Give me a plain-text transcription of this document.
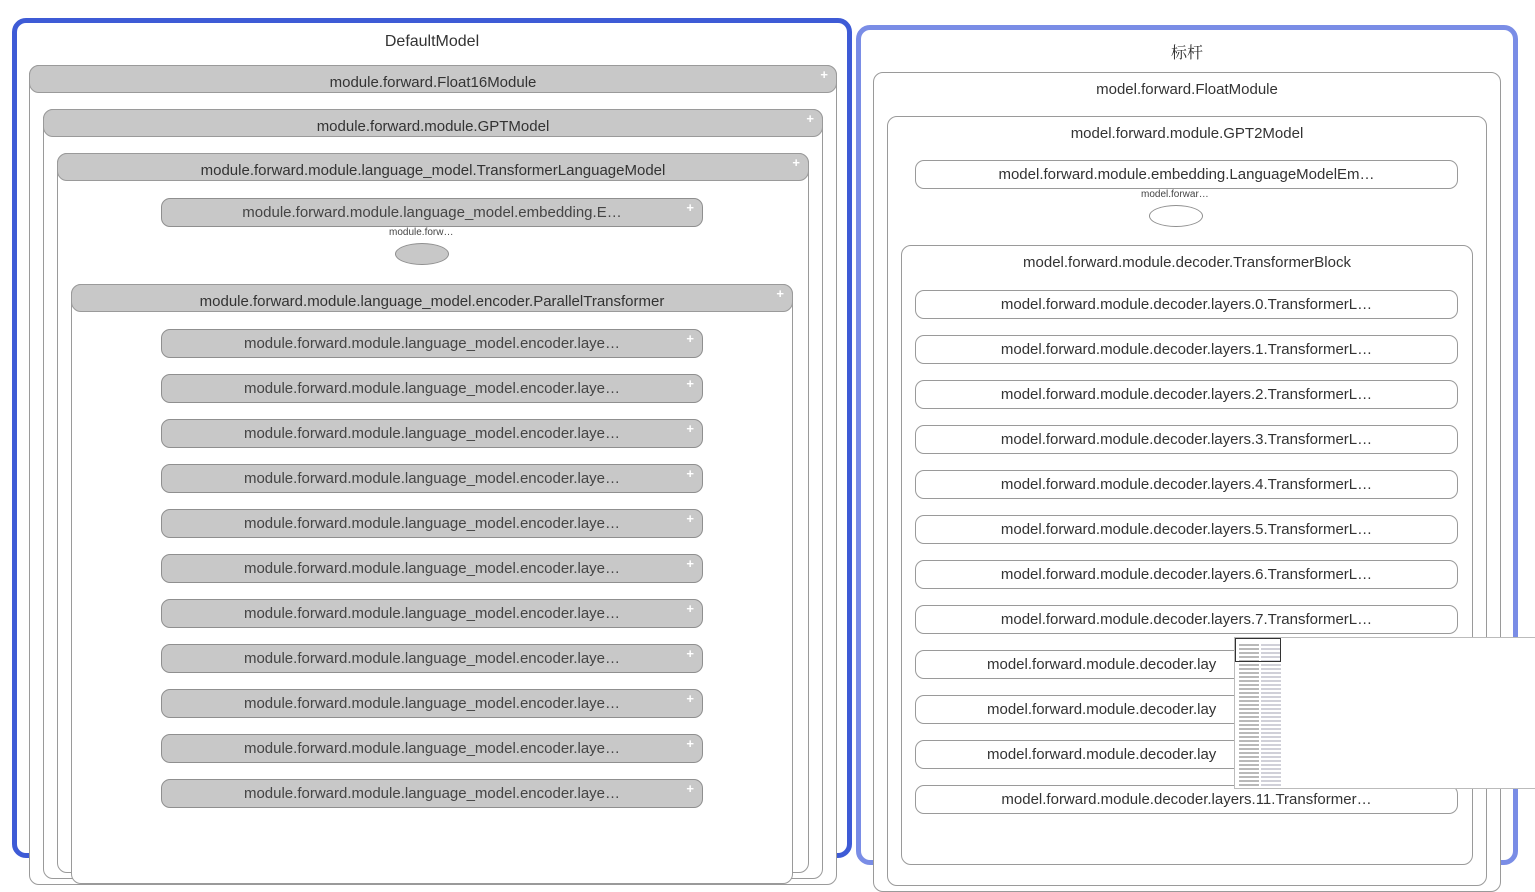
DefaultModel
module.forward.Float16Module	+
module.forward.module.GPTModel	+
module.forward.module.language_model.TransformerLanguageModel	+
module.forward.module.language_model.embedding.E…	+
module.forw…
module.forward.module.language_model.encoder.ParallelTransformer	+
module.forward.module.language_model.encoder.laye…	+
module.forward.module.language_model.encoder.laye…	+
module.forward.module.language_model.encoder.laye…	+
module.forward.module.language_model.encoder.laye…	+
module.forward.module.language_model.encoder.laye…	+
module.forward.module.language_model.encoder.laye…	+
module.forward.module.language_model.encoder.laye…	+
module.forward.module.language_model.encoder.laye…	+
module.forward.module.language_model.encoder.laye…	+
module.forward.module.language_model.encoder.laye…	+
module.forward.module.language_model.encoder.laye…	+
标杆
model.forward.FloatModule
model.forward.module.GPT2Model
model.forward.module.embedding.LanguageModelEm…
model.forwar…
model.forward.module.decoder.TransformerBlock
model.forward.module.decoder.layers.0.TransformerL…
model.forward.module.decoder.layers.1.TransformerL…
model.forward.module.decoder.layers.2.TransformerL…
model.forward.module.decoder.layers.3.TransformerL…
model.forward.module.decoder.layers.4.TransformerL…
model.forward.module.decoder.layers.5.TransformerL…
model.forward.module.decoder.layers.6.TransformerL…
model.forward.module.decoder.layers.7.TransformerL…
model.forward.module.decoder.lay
model.forward.module.decoder.lay
model.forward.module.decoder.lay
model.forward.module.decoder.layers.11.Transformer…
